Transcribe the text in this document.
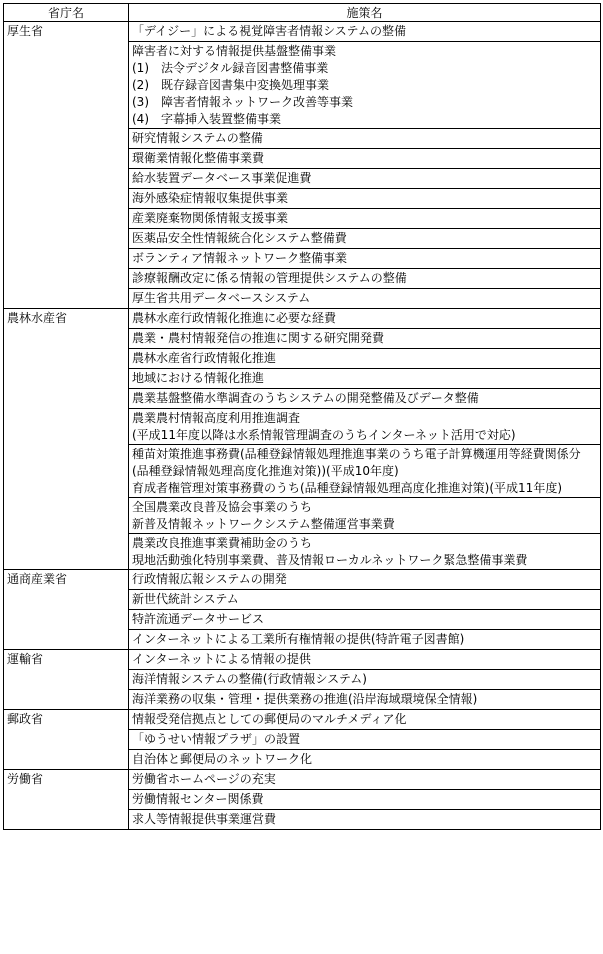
省庁名	施策名
厚生省	「デイジー」による視覚障害者情報システムの整備

	障害者に対する情報提供基盤整備事業
(1)　法令デジタル録音図書整備事業
(2)　既存録音図書集中変換処理事業
(3)　障害者情報ネットワーク改善等事業
(4)　字幕挿入装置整備事業

	研究情報システムの整備

	環衛業情報化整備事業費

	給水装置データベース事業促進費

	海外感染症情報収集提供事業

	産業廃棄物関係情報支援事業

	医薬品安全性情報統合化システム整備費

	ボランティア情報ネットワーク整備事業

	診療報酬改定に係る情報の管理提供システムの整備

	厚生省共用データベースシステム

農林水産省	農林水産行政情報化推進に必要な経費

	農業・農村情報発信の推進に関する研究開発費

	農林水産省行政情報化推進

	地域における情報化推進

	農業基盤整備水準調査のうちシステムの開発整備及びデータ整備

	農業農村情報高度利用推進調査
(平成11年度以降は水系情報管理調査のうちインターネット活用で対応)

	種苗対策推進事務費(品種登録情報処理推進事業のうち電子計算機運用等経費関係分(品種登録情報処理高度化推進対策))(平成10年度)
育成者権管理対策事務費のうち(品種登録情報処理高度化推進対策)(平成11年度)

	全国農業改良普及協会事業のうち
新普及情報ネットワークシステム整備運営事業費

	農業改良推進事業費補助金のうち
現地活動強化特別事業費、普及情報ローカルネットワーク緊急整備事業費

通商産業省	行政情報広報システムの開発

	新世代統計システム

	特許流通データサービス

	インターネットによる工業所有権情報の提供(特許電子図書館)

運輸省	インターネットによる情報の提供

	海洋情報システムの整備(行政情報システム)

	海洋業務の収集・管理・提供業務の推進(沿岸海域環境保全情報)

郵政省	情報受発信拠点としての郵便局のマルチメディア化

	「ゆうせい情報プラザ」の設置

	自治体と郵便局のネットワーク化

労働省	労働省ホームページの充実

	労働情報センター関係費

	求人等情報提供事業運営費
